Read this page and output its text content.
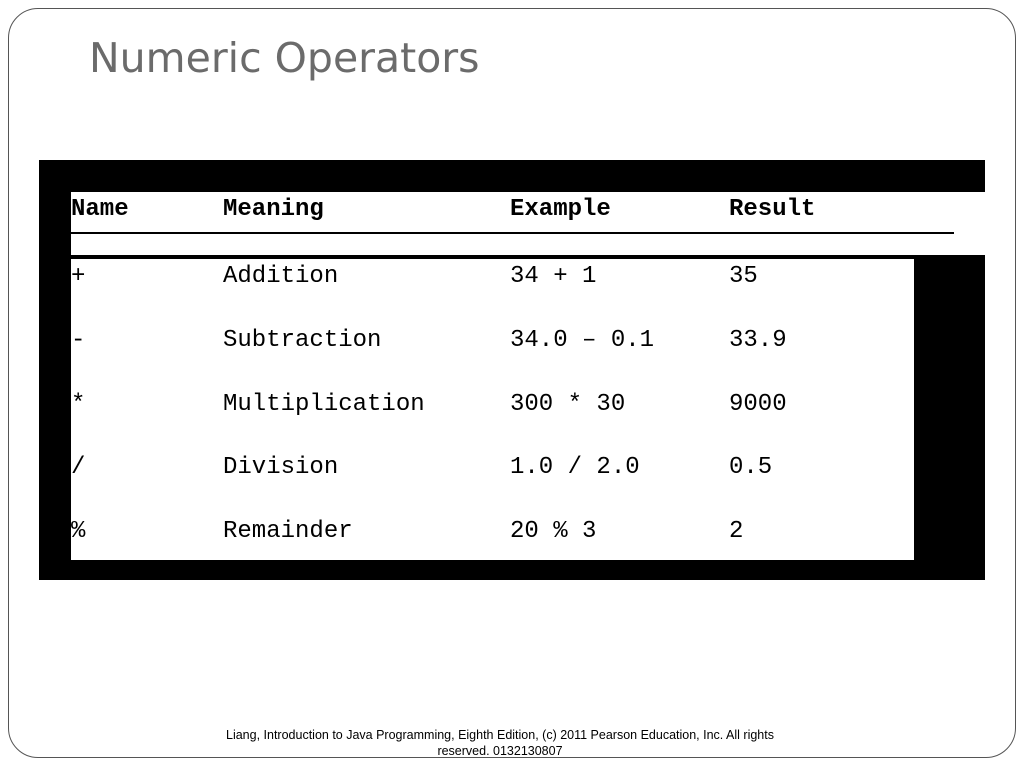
Numeric Operators
Name	Meaning	Example	Result
+	Addition	34 + 1	35
-	Subtraction	34.0 – 0.1	33.9
*	Multiplication	300 * 30	9000
/	Division	1.0 / 2.0	0.5
%	Remainder	20 % 3	2
Liang, Introduction to Java Programming, Eighth Edition, (c) 2011 Pearson Education, Inc. All rights reserved. 0132130807
